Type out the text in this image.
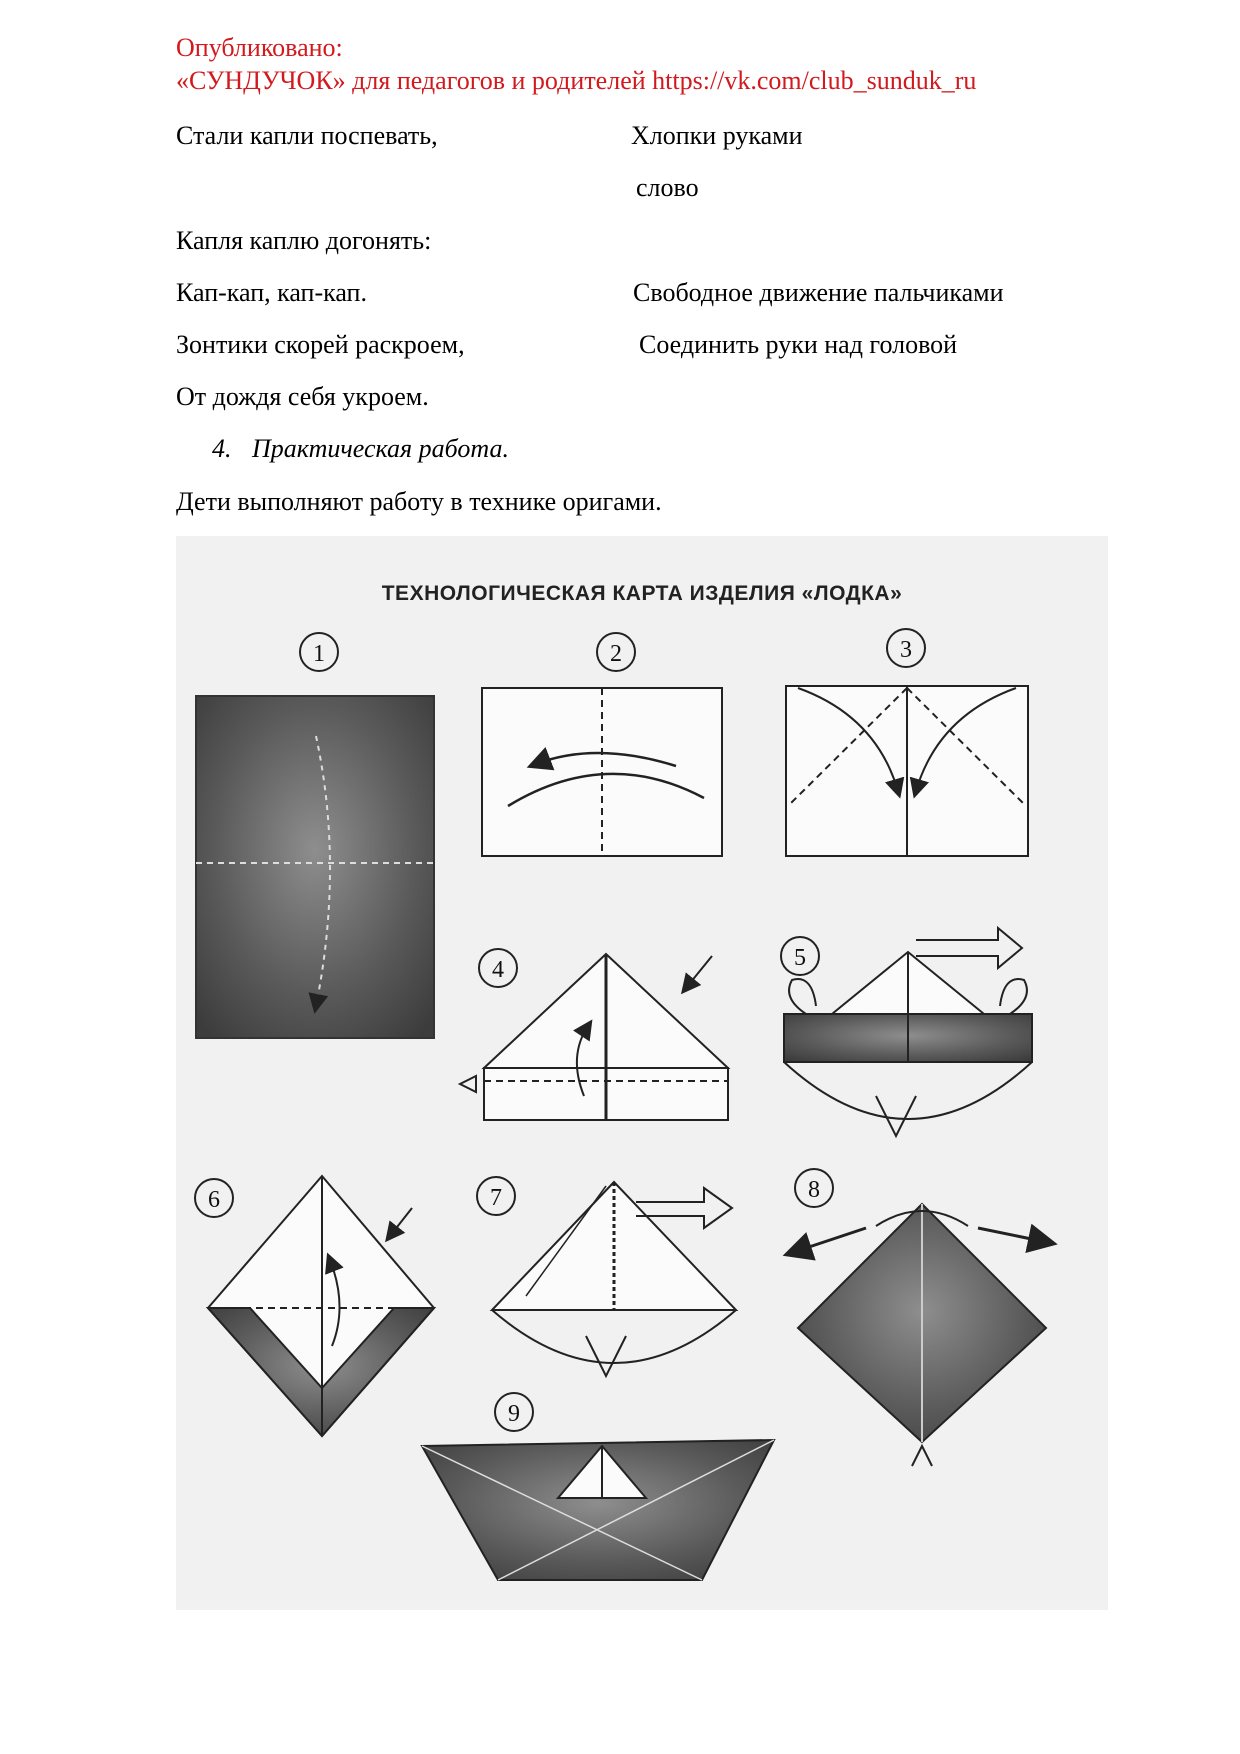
Опубликовано:
«СУНДУЧОК» для педагогов и родителей https://vk.com/club_sunduk_ru
Стали капли поспевать,	Хлопки руками
слово
Капля каплю догонять:
Кап-кап, кап-кап.	Свободное движение пальчиками
Зонтики скорей раскроем,	Соединить руки над головой
От дождя себя укроем.
4. Практическая работа.
Дети выполняют работу в технике оригами.
ТЕХНОЛОГИЧЕСКАЯ КАРТА ИЗДЕЛИЯ «ЛОДКА»
1	2	3
4	5
6	7	8
9
